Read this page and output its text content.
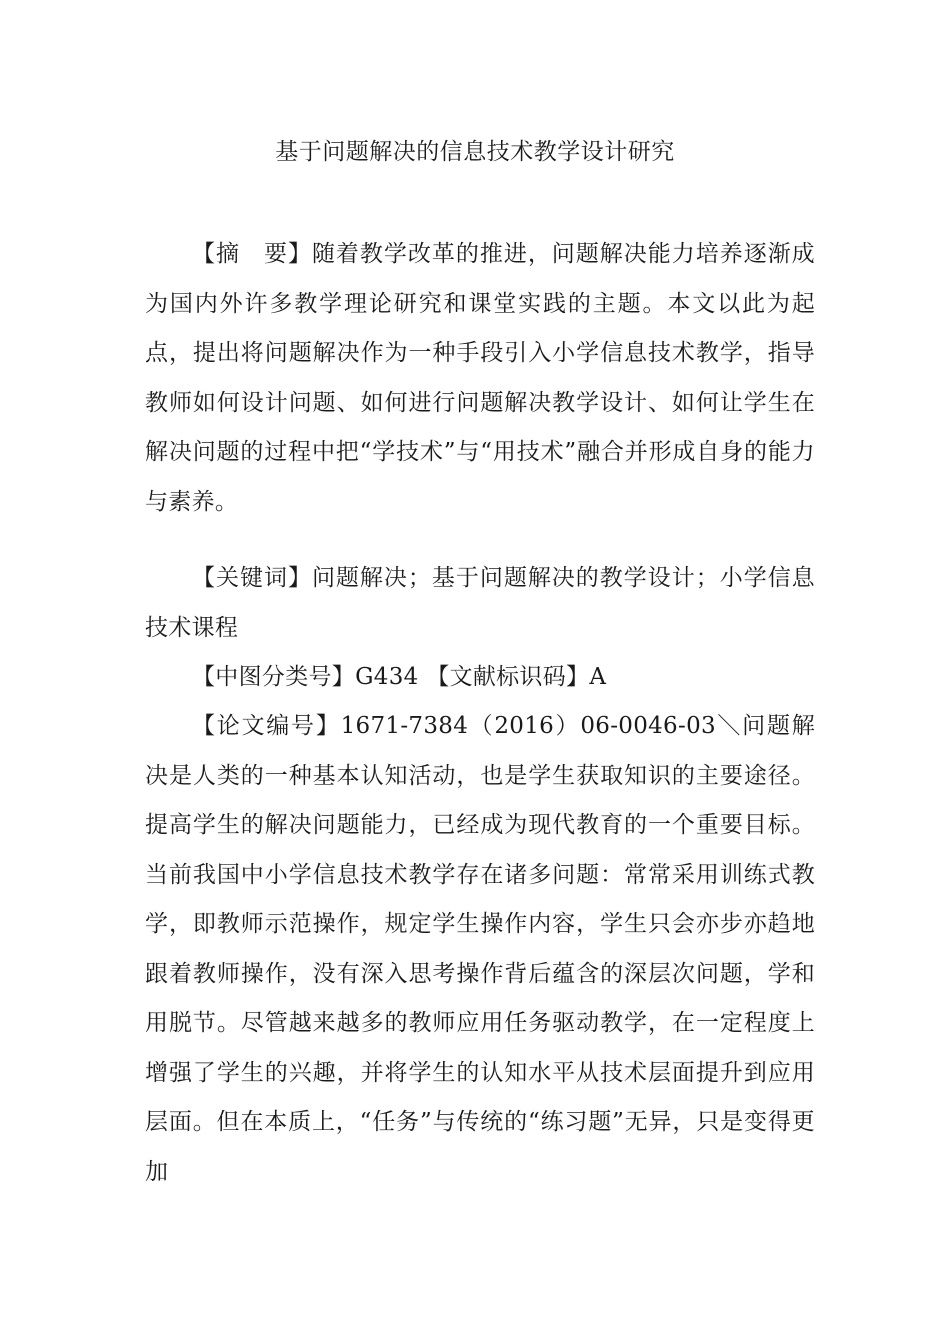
基于问题解决的信息技术教学设计研究

【摘　要】随着教学改革的推进，问题解决能力培养逐渐成为国内外许多教学理论研究和课堂实践的主题。本文以此为起点，提出将问题解决作为一种手段引入小学信息技术教学，指导教师如何设计问题、如何进行问题解决教学设计、如何让学生在解决问题的过程中把“学技术”与“用技术”融合并形成自身的能力与素养。

【关键词】问题解决；基于问题解决的教学设计；小学信息技术课程

【中图分类号】G434 【文献标识码】A

【论文编号】1671-7384（2016）06-0046-03＼问题解决是人类的一种基本认知活动，也是学生获取知识的主要途径。提高学生的解决问题能力，已经成为现代教育的一个重要目标。当前我国中小学信息技术教学存在诸多问题：常常采用训练式教学，即教师示范操作，规定学生操作内容，学生只会亦步亦趋地跟着教师操作，没有深入思考操作背后蕴含的深层次问题，学和用脱节。尽管越来越多的教师应用任务驱动教学，在一定程度上增强了学生的兴趣，并将学生的认知水平从技术层面提升到应用层面。但在本质上，“任务”与传统的“练习题”无异，只是变得更加
